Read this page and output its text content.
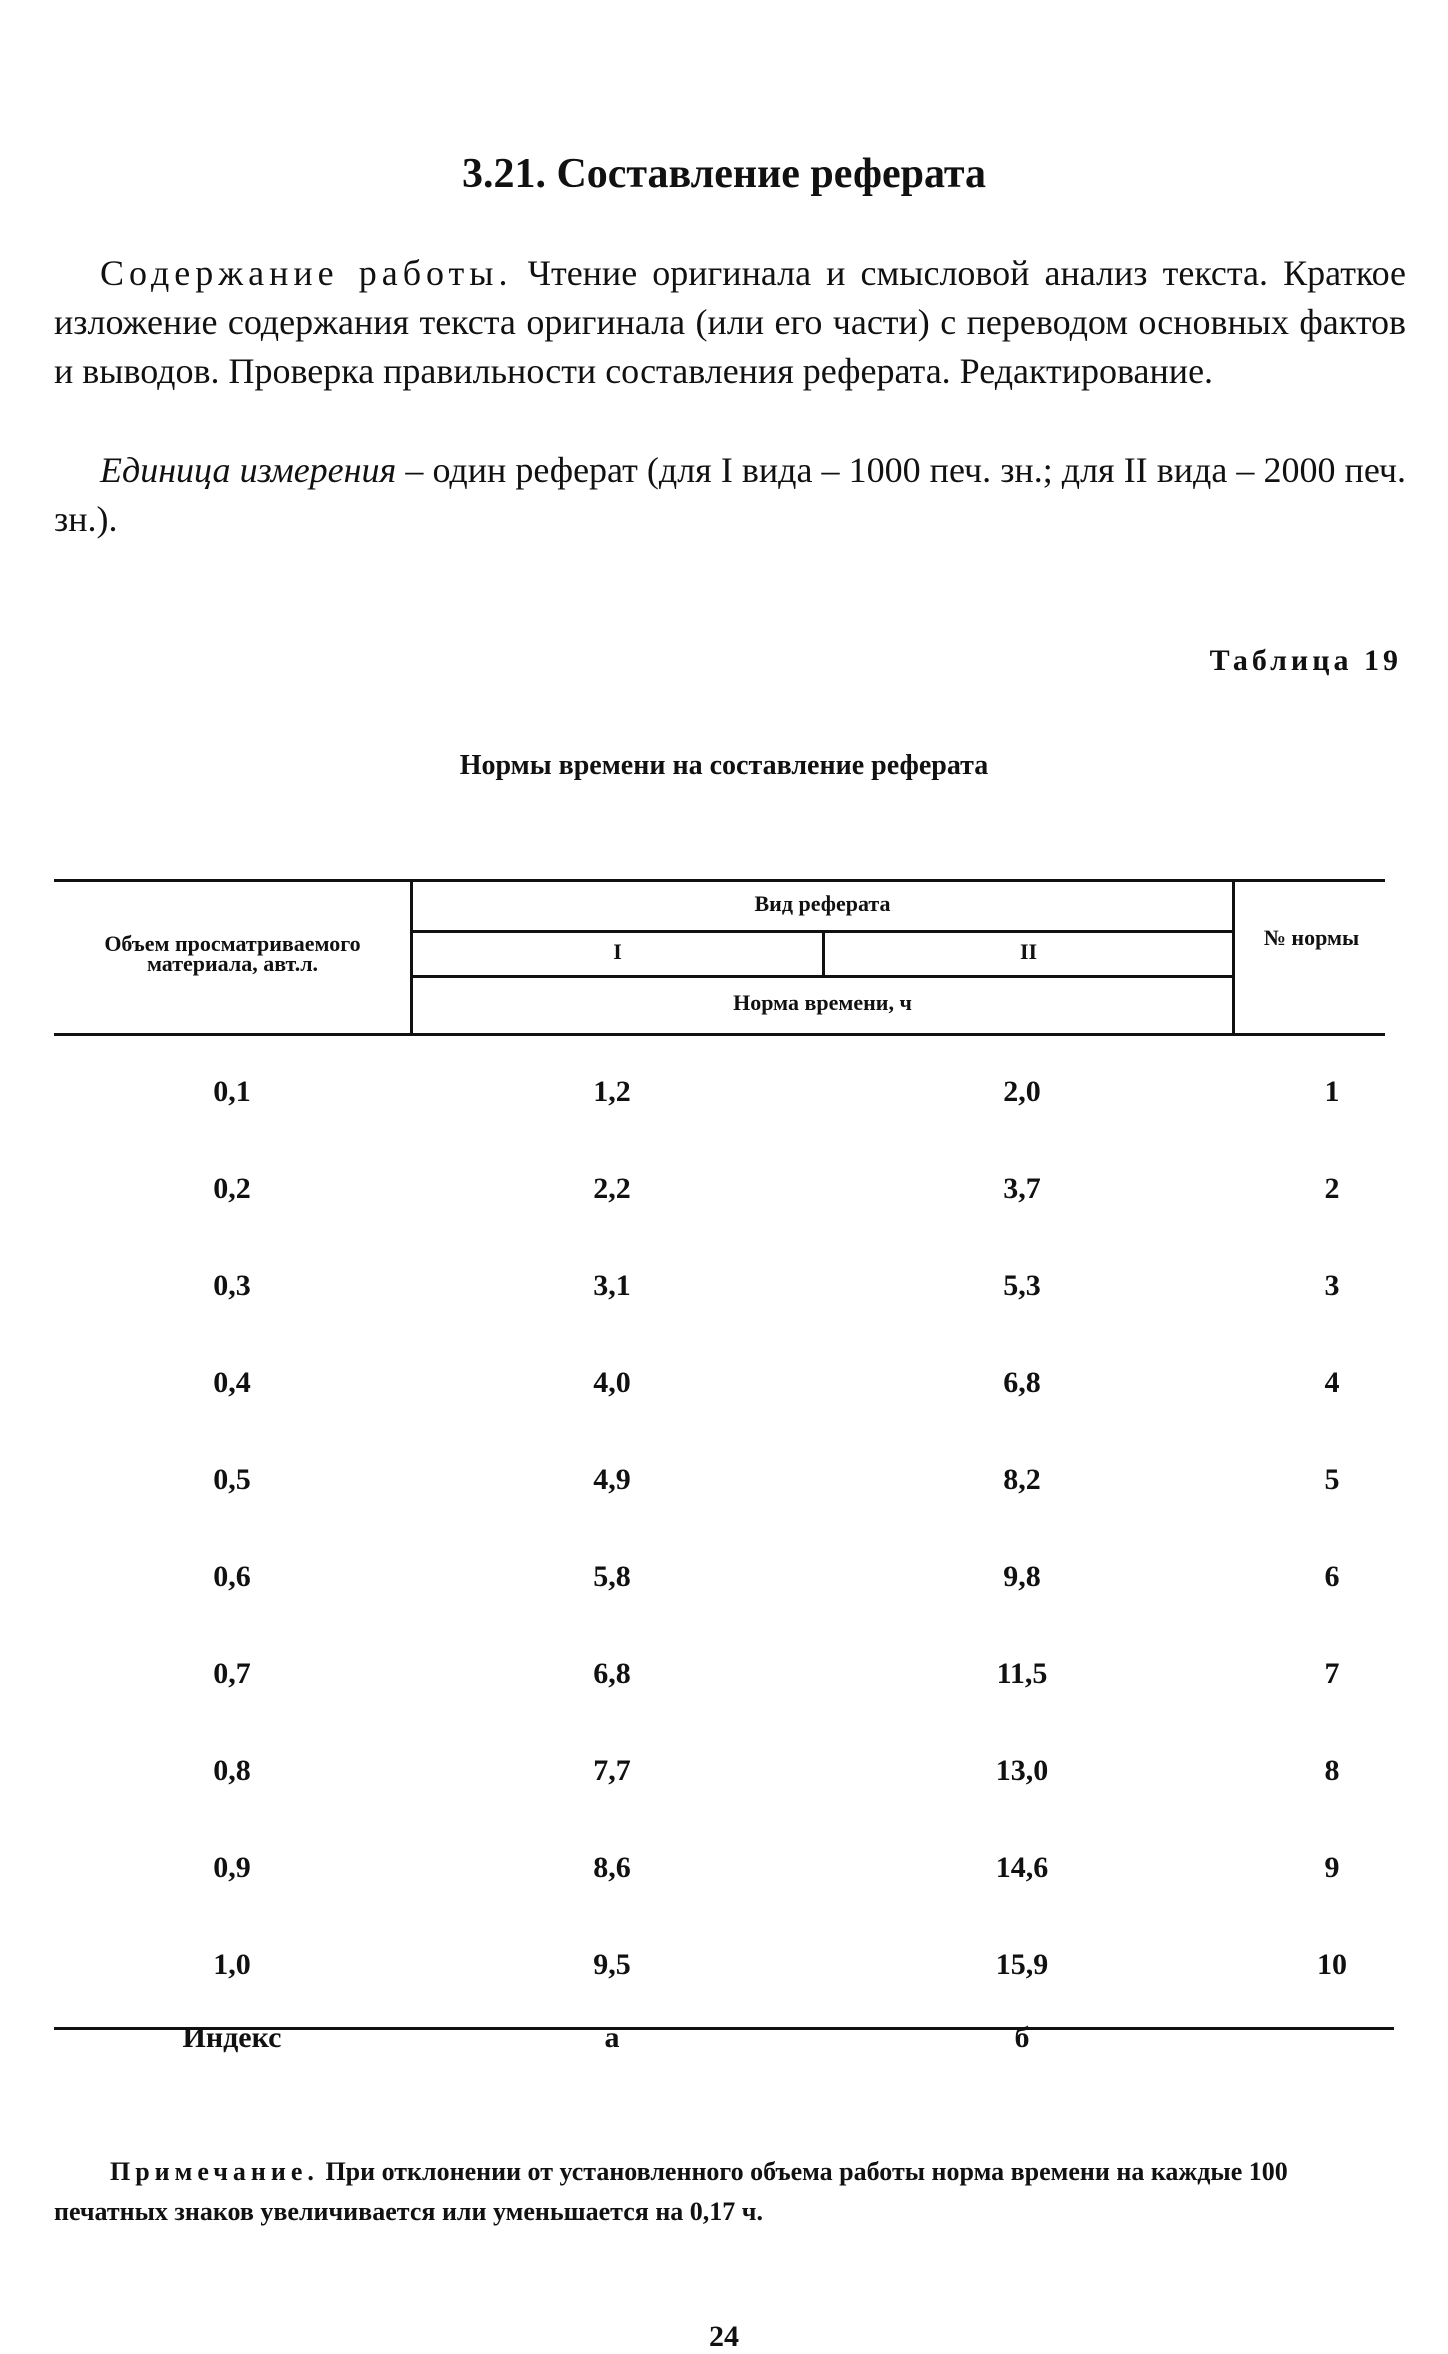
3.21. Составление реферата

Содержание работы. Чтение оригинала и смысловой анализ текста. Краткое изложение содержания текста оригинала (или его части) с переводом основных фактов и выводов. Проверка правильности составления реферата. Редактирование.

Единица измерения – один реферат (для I вида – 1000 печ. зн.; для II вида – 2000 печ. зн.).

Таблица 19
Нормы времени на составление реферата
Объем просматриваемого материала, авт.л.
Вид реферата
I	II
Норма времени, ч
№ нормы
0,1	1,2	2,0	1
0,2	2,2	3,7	2
0,3	3,1	5,3	3
0,4	4,0	6,8	4
0,5	4,9	8,2	5
0,6	5,8	9,8	6
0,7	6,8	11,5	7
0,8	7,7	13,0	8
0,9	8,6	14,6	9
1,0	9,5	15,9	10
Индекс	а	б

Примечание. При отклонении от установленного объема работы норма времени на каждые 100 печатных знаков увеличивается или уменьшается на 0,17 ч.

24
